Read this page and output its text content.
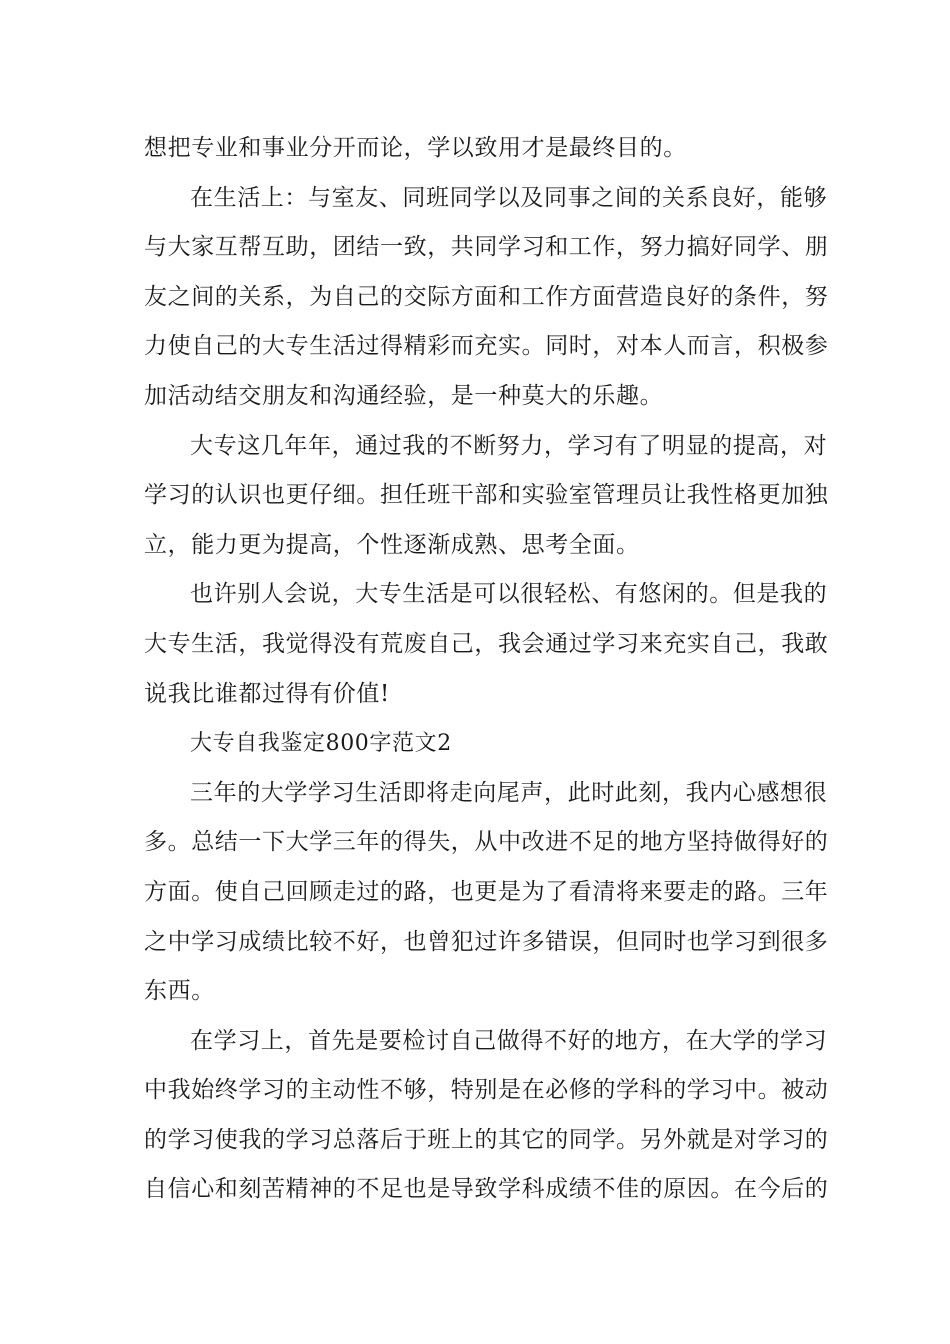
想把专业和事业分开而论，学以致用才是最终目的。
在生活上：与室友、同班同学以及同事之间的关系良好，能够
与大家互帮互助，团结一致，共同学习和工作，努力搞好同学、朋
友之间的关系，为自己的交际方面和工作方面营造良好的条件，努
力使自己的大专生活过得精彩而充实。同时，对本人而言，积极参
加活动结交朋友和沟通经验，是一种莫大的乐趣。
大专这几年年，通过我的不断努力，学习有了明显的提高，对
学习的认识也更仔细。担任班干部和实验室管理员让我性格更加独
立，能力更为提高，个性逐渐成熟、思考全面。
也许别人会说，大专生活是可以很轻松、有悠闲的。但是我的
大专生活，我觉得没有荒废自己，我会通过学习来充实自己，我敢
说我比谁都过得有价值!
大专自我鉴定800字范文2
三年的大学学习生活即将走向尾声，此时此刻，我内心感想很
多。总结一下大学三年的得失，从中改进不足的地方坚持做得好的
方面。使自己回顾走过的路，也更是为了看清将来要走的路。三年
之中学习成绩比较不好，也曾犯过许多错误，但同时也学习到很多
东西。
在学习上，首先是要检讨自己做得不好的地方，在大学的学习
中我始终学习的主动性不够，特别是在必修的学科的学习中。被动
的学习使我的学习总落后于班上的其它的同学。另外就是对学习的
自信心和刻苦精神的不足也是导致学科成绩不佳的原因。在今后的
